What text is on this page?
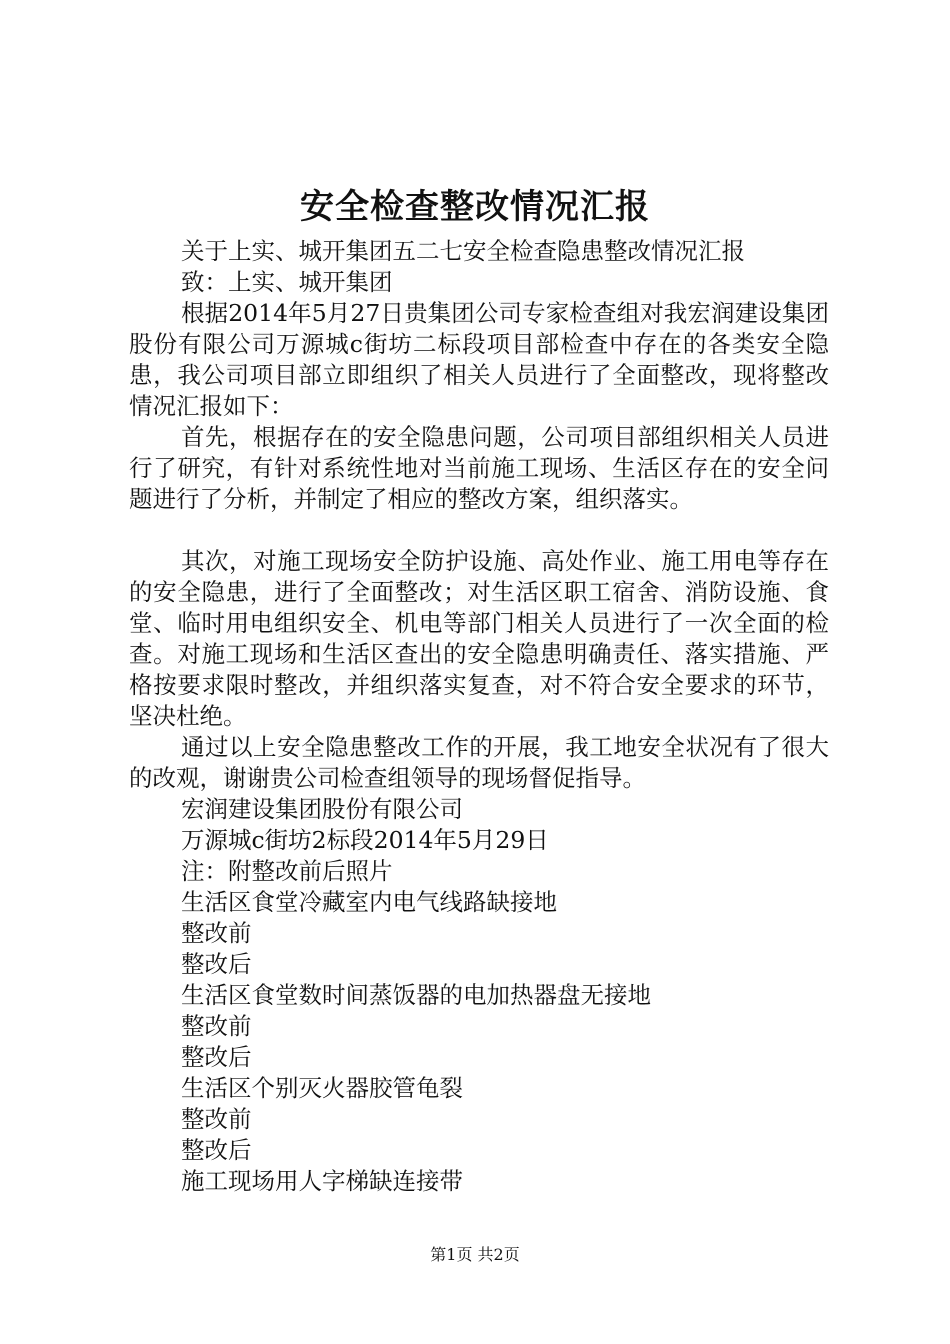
安全检查整改情况汇报

关于上实、城开集团五二七安全检查隐患整改情况汇报

致：上实、城开集团

根据2014年5月27日贵集团公司专家检查组对我宏润建设集团股份有限公司万源城c街坊二标段项目部检查中存在的各类安全隐患，我公司项目部立即组织了相关人员进行了全面整改，现将整改情况汇报如下：

首先，根据存在的安全隐患问题，公司项目部组织相关人员进行了研究，有针对系统性地对当前施工现场、生活区存在的安全问题进行了分析，并制定了相应的整改方案，组织落实。

其次，对施工现场安全防护设施、高处作业、施工用电等存在的安全隐患，进行了全面整改；对生活区职工宿舍、消防设施、食堂、临时用电组织安全、机电等部门相关人员进行了一次全面的检查。对施工现场和生活区查出的安全隐患明确责任、落实措施、严格按要求限时整改，并组织落实复查，对不符合安全要求的环节，坚决杜绝。

通过以上安全隐患整改工作的开展，我工地安全状况有了很大的改观，谢谢贵公司检查组领导的现场督促指导。

宏润建设集团股份有限公司

万源城c街坊2标段2014年5月29日

注：附整改前后照片

生活区食堂冷藏室内电气线路缺接地

整改前

整改后

生活区食堂数时间蒸饭器的电加热器盘无接地

整改前

整改后

生活区个别灭火器胶管龟裂

整改前

整改后

施工现场用人字梯缺连接带

第1页 共2页
